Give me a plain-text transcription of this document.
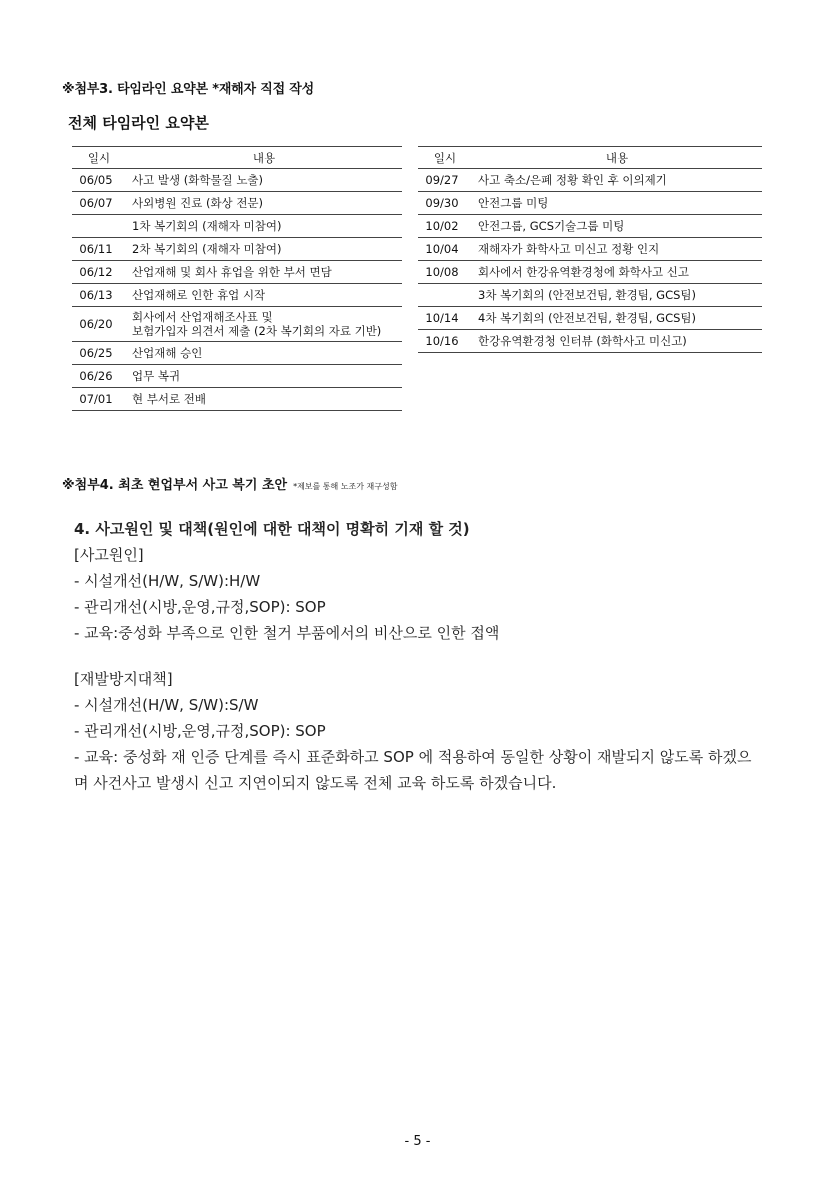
※첨부3. 타임라인 요약본 *재해자 직접 작성
전체 타임라인 요약본
일시	내용
06/05	사고 발생 (화학물질 노출)
06/07	사외병원 진료 (화상 전문)
	1차 복기회의 (재해자 미참여)
06/11	2차 복기회의 (재해자 미참여)
06/12	산업재해 및 회사 휴업을 위한 부서 면담
06/13	산업재해로 인한 휴업 시작
06/20	회사에서 산업재해조사표 및
보험가입자 의견서 제출 (2차 복기회의 자료 기반)

06/25	산업재해 승인
06/26	업무 복귀
07/01	현 부서로 전배
일시	내용
09/27	사고 축소/은폐 정황 확인 후 이의제기
09/30	안전그룹 미팅
10/02	안전그룹, GCS기술그룹 미팅
10/04	재해자가 화학사고 미신고 정황 인지
10/08	회사에서 한강유역환경청에 화학사고 신고
	3차 복기회의 (안전보건팀, 환경팀, GCS팀)
10/14	4차 복기회의 (안전보건팀, 환경팀, GCS팀)
10/16	한강유역환경청 인터뷰 (화학사고 미신고)
※첨부4. 최초 현업부서 사고 복기 초안 *제보를 통해 노조가 재구성함
4. 사고원인 및 대책(원인에 대한 대책이 명확히 기재 할 것)
[사고원인]
- 시설개선(H/W, S/W):H/W
- 관리개선(시방,운영,규정,SOP): SOP
- 교육:중성화 부족으로 인한 철거 부품에서의 비산으로 인한 접액
[재발방지대책]
- 시설개선(H/W, S/W):S/W
- 관리개선(시방,운영,규정,SOP): SOP
- 교육: 중성화 재 인증 단계를 즉시 표준화하고 SOP 에 적용하여 동일한 상황이 재발되지 않도록 하겠으며 사건사고 발생시 신고 지연이되지 않도록 전체 교육 하도록 하겠습니다.
- 5 -
